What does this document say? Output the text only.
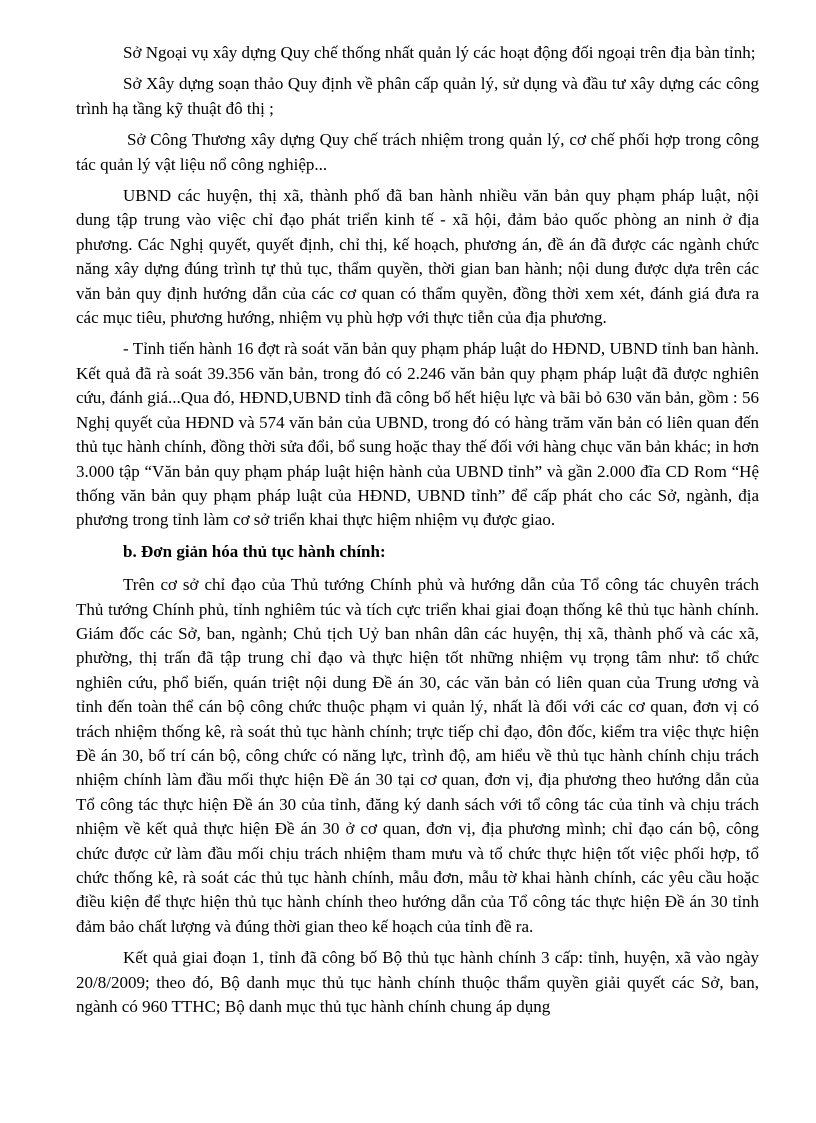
Sở Ngoại vụ xây dựng Quy chế thống nhất quản lý các hoạt động đối ngoại trên địa bàn tỉnh;

Sở Xây dựng soạn thảo Quy định về phân cấp quản lý, sử dụng và đầu tư xây dựng các công trình hạ tầng kỹ thuật đô thị ;

Sở Công Thương xây dựng Quy chế trách nhiệm trong quản lý, cơ chế phối hợp trong công tác quản lý vật liệu nổ công nghiệp...

UBND các huyện, thị xã, thành phố đã ban hành nhiều văn bản quy phạm pháp luật, nội dung tập trung vào việc chỉ đạo phát triển kinh tế - xã hội, đảm bảo quốc phòng an ninh ở địa phương. Các Nghị quyết, quyết định, chỉ thị, kế hoạch, phương án, đề án đã được các ngành chức năng xây dựng đúng trình tự thủ tục, thẩm quyền, thời gian ban hành; nội dung được dựa trên các văn bản quy định hướng dẫn của các cơ quan có thẩm quyền, đồng thời xem xét, đánh giá đưa ra các mục tiêu, phương hướng, nhiệm vụ phù hợp với thực tiễn của địa phương.

- Tỉnh tiến hành 16 đợt rà soát văn bản quy phạm pháp luật do HĐND, UBND tỉnh ban hành. Kết quả đã rà soát 39.356 văn bản, trong đó có 2.246 văn bản quy phạm pháp luật đã được nghiên cứu, đánh giá...Qua đó, HĐND,UBND tỉnh đã công bố hết hiệu lực và bãi bỏ 630 văn bản, gồm : 56 Nghị quyết của HĐND và 574 văn bản của UBND, trong đó có hàng trăm văn bản có liên quan đến thủ tục hành chính, đồng thời sửa đổi, bổ sung hoặc thay thế đối với hàng chục văn bản khác; in hơn 3.000 tập “Văn bản quy phạm pháp luật hiện hành của UBND tỉnh” và gần 2.000 đĩa CD Rom “Hệ thống văn bản quy phạm pháp luật của HĐND, UBND tỉnh” để cấp phát cho các Sở, ngành, địa phương trong tỉnh làm cơ sở triển khai thực hiệm nhiệm vụ được giao.

b. Đơn giản hóa thủ tục hành chính:

Trên cơ sở chỉ đạo của Thủ tướng Chính phủ và hướng dẫn của Tổ công tác chuyên trách Thủ tướng Chính phủ, tỉnh nghiêm túc và tích cực triển khai giai đoạn thống kê thủ tục hành chính. Giám đốc các Sở, ban, ngành; Chủ tịch Uỷ ban nhân dân các huyện, thị xã, thành phố và các xã, phường, thị trấn đã tập trung chỉ đạo và thực hiện tốt những nhiệm vụ trọng tâm như: tổ chức nghiên cứu, phổ biến, quán triệt nội dung Đề án 30, các văn bản có liên quan của Trung ương và tỉnh đến toàn thể cán bộ công chức thuộc phạm vi quản lý, nhất là đối với các cơ quan, đơn vị có trách nhiệm thống kê, rà soát thủ tục hành chính; trực tiếp chỉ đạo, đôn đốc, kiểm tra việc thực hiện Đề án 30, bố trí cán bộ, công chức có năng lực, trình độ, am hiểu về thủ tục hành chính chịu trách nhiệm chính làm đầu mối thực hiện Đề án 30 tại cơ quan, đơn vị, địa phương theo hướng dẫn của Tổ công tác thực hiện Đề án 30 của tỉnh, đăng ký danh sách với tổ công tác của tỉnh và chịu trách nhiệm về kết quả thực hiện Đề án 30 ở cơ quan, đơn vị, địa phương mình; chỉ đạo cán bộ, công chức được cử làm đầu mối chịu trách nhiệm tham mưu và tổ chức thực hiện tốt việc phối hợp, tổ chức thống kê, rà soát các thủ tục hành chính, mẫu đơn, mẫu tờ khai hành chính, các yêu cầu hoặc điều kiện để thực hiện thủ tục hành chính theo hướng dẫn của Tổ công tác thực hiện Đề án 30 tỉnh đảm bảo chất lượng và đúng thời gian theo kế hoạch của tỉnh đề ra.

Kết quả giai đoạn 1, tỉnh đã công bố Bộ thủ tục hành chính 3 cấp: tỉnh, huyện, xã vào ngày 20/8/2009; theo đó, Bộ danh mục thủ tục hành chính thuộc thẩm quyền giải quyết các Sở, ban, ngành có 960 TTHC; Bộ danh mục thủ tục hành chính chung áp dụng
